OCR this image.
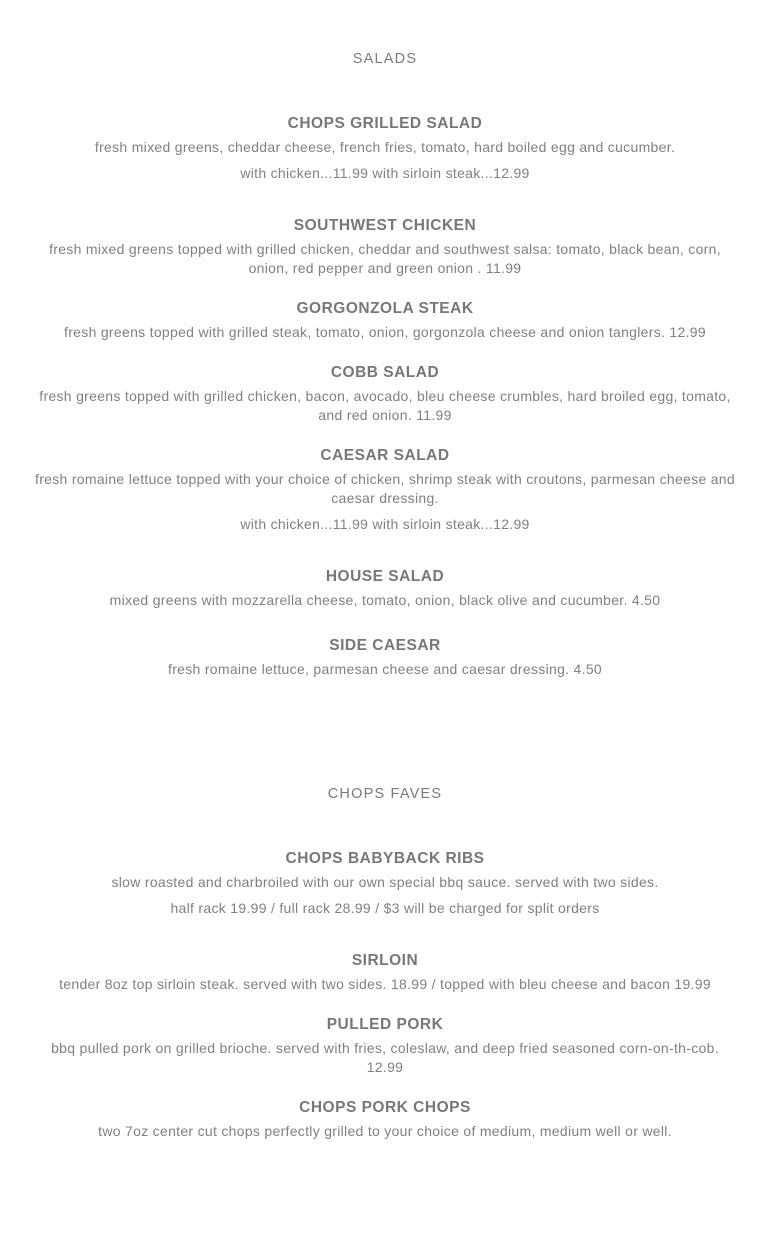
SALADS
CHOPS GRILLED SALAD
fresh mixed greens, cheddar cheese, french fries, tomato, hard boiled egg and cucumber.
with chicken...11.99 with sirloin steak...12.99
SOUTHWEST CHICKEN
fresh mixed greens topped with grilled chicken, cheddar and southwest salsa: tomato, black bean, corn, onion, red pepper and green onion . 11.99
GORGONZOLA STEAK
fresh greens topped with grilled steak, tomato, onion, gorgonzola cheese and onion tanglers. 12.99
COBB SALAD
fresh greens topped with grilled chicken, bacon, avocado, bleu cheese crumbles, hard broiled egg, tomato, and red onion. 11.99
CAESAR SALAD
fresh romaine lettuce topped with your choice of chicken, shrimp steak with croutons, parmesan cheese and caesar dressing.
with chicken...11.99 with sirloin steak...12.99
HOUSE SALAD
mixed greens with mozzarella cheese, tomato, onion, black olive and cucumber. 4.50
SIDE CAESAR
fresh romaine lettuce, parmesan cheese and caesar dressing. 4.50
CHOPS FAVES
CHOPS BABYBACK RIBS
slow roasted and charbroiled with our own special bbq sauce. served with two sides.
half rack 19.99 / full rack 28.99 / $3 will be charged for split orders
SIRLOIN
tender 8oz top sirloin steak. served with two sides. 18.99 / topped with bleu cheese and bacon 19.99
PULLED PORK
bbq pulled pork on grilled brioche. served with fries, coleslaw, and deep fried seasoned corn-on-th-cob. 12.99
CHOPS PORK CHOPS
two 7oz center cut chops perfectly grilled to your choice of medium, medium well or well.
